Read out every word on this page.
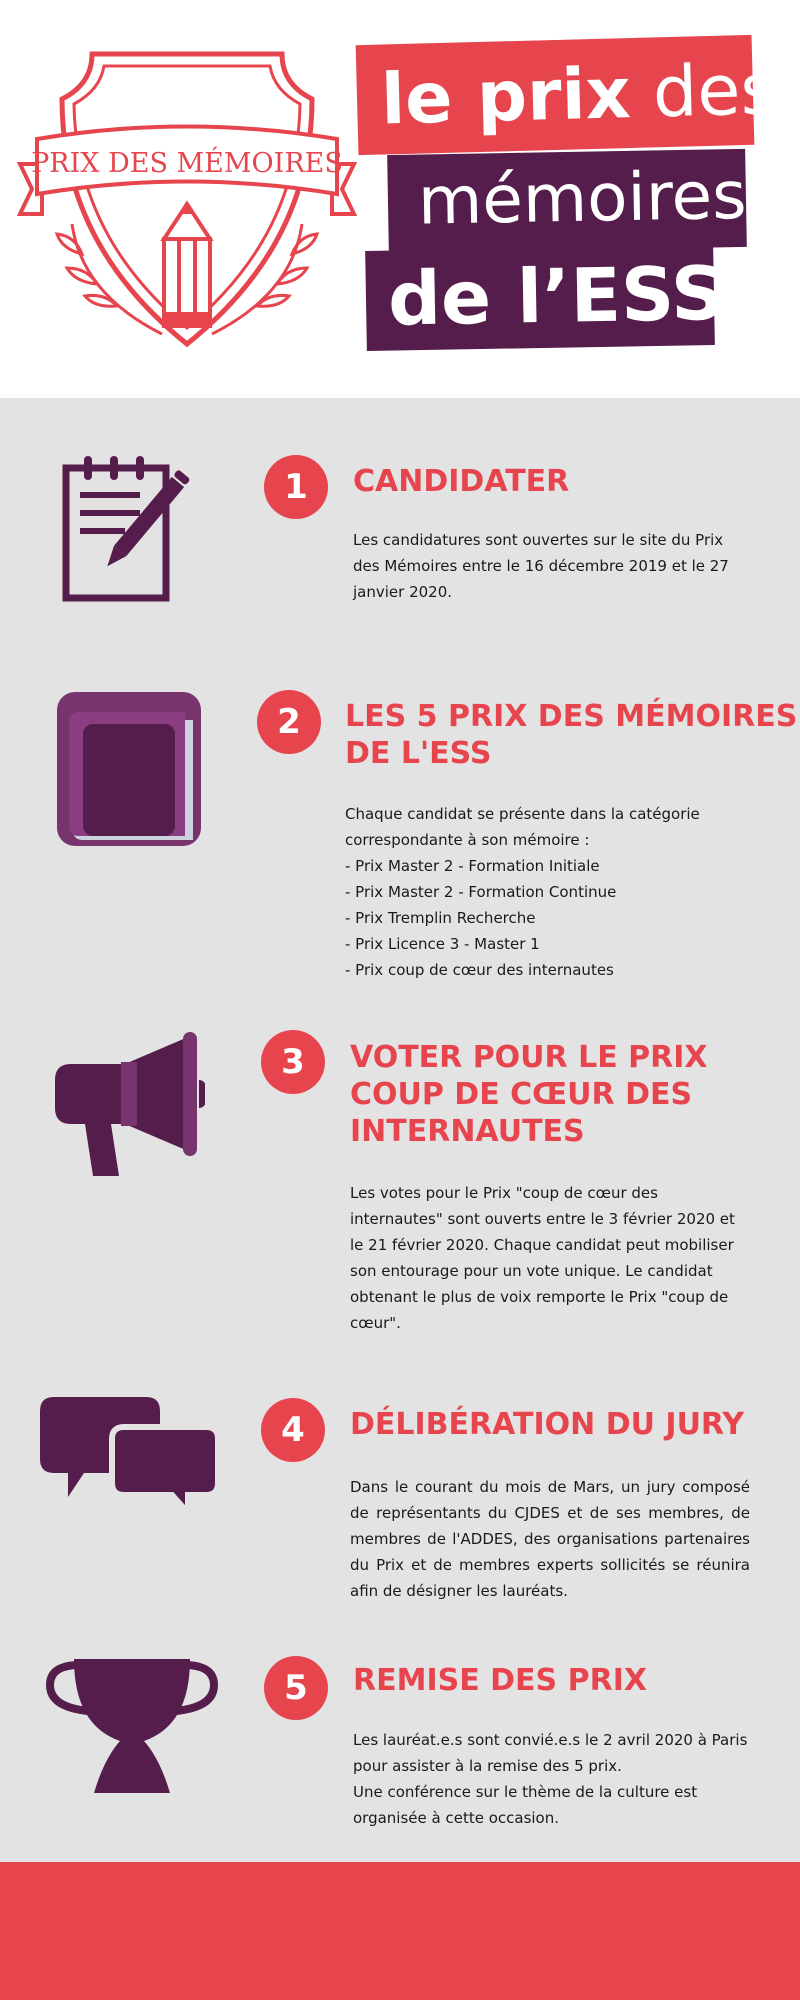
PRIX DES MÉMOIRES
le prix des
mémoires
de l’ESS
1 CANDIDATER

Les candidatures sont ouvertes sur le site du Prix des Mémoires entre le 16 décembre 2019 et le 27 janvier 2020.

2 LES 5 PRIX DES MÉMOIRES
DE L'ESS

Chaque candidat se présente dans la catégorie correspondante à son mémoire :

- Prix Master 2 - Formation Initiale

- Prix Master 2 - Formation Continue

- Prix Tremplin Recherche

- Prix Licence 3 - Master 1

- Prix coup de cœur des internautes

3 VOTER POUR LE PRIX
COUP DE CŒUR DES
INTERNAUTES

Les votes pour le Prix "coup de cœur des internautes" sont ouverts entre le 3 février 2020 et le 21 février 2020. Chaque candidat peut mobiliser son entourage pour un vote unique. Le candidat obtenant le plus de voix remporte le Prix "coup de cœur".

4 DÉLIBÉRATION DU JURY

Dans le courant du mois de Mars, un jury composé de représentants du CJDES et de ses membres, de membres de l'ADDES, des organisations partenaires du Prix et de membres experts sollicités se réunira afin de désigner les lauréats.

5 REMISE DES PRIX

Les lauréat.e.s sont convié.e.s le 2 avril 2020 à Paris pour assister à la remise des 5 prix.

Une conférence sur le thème de la culture est organisée à cette occasion.
